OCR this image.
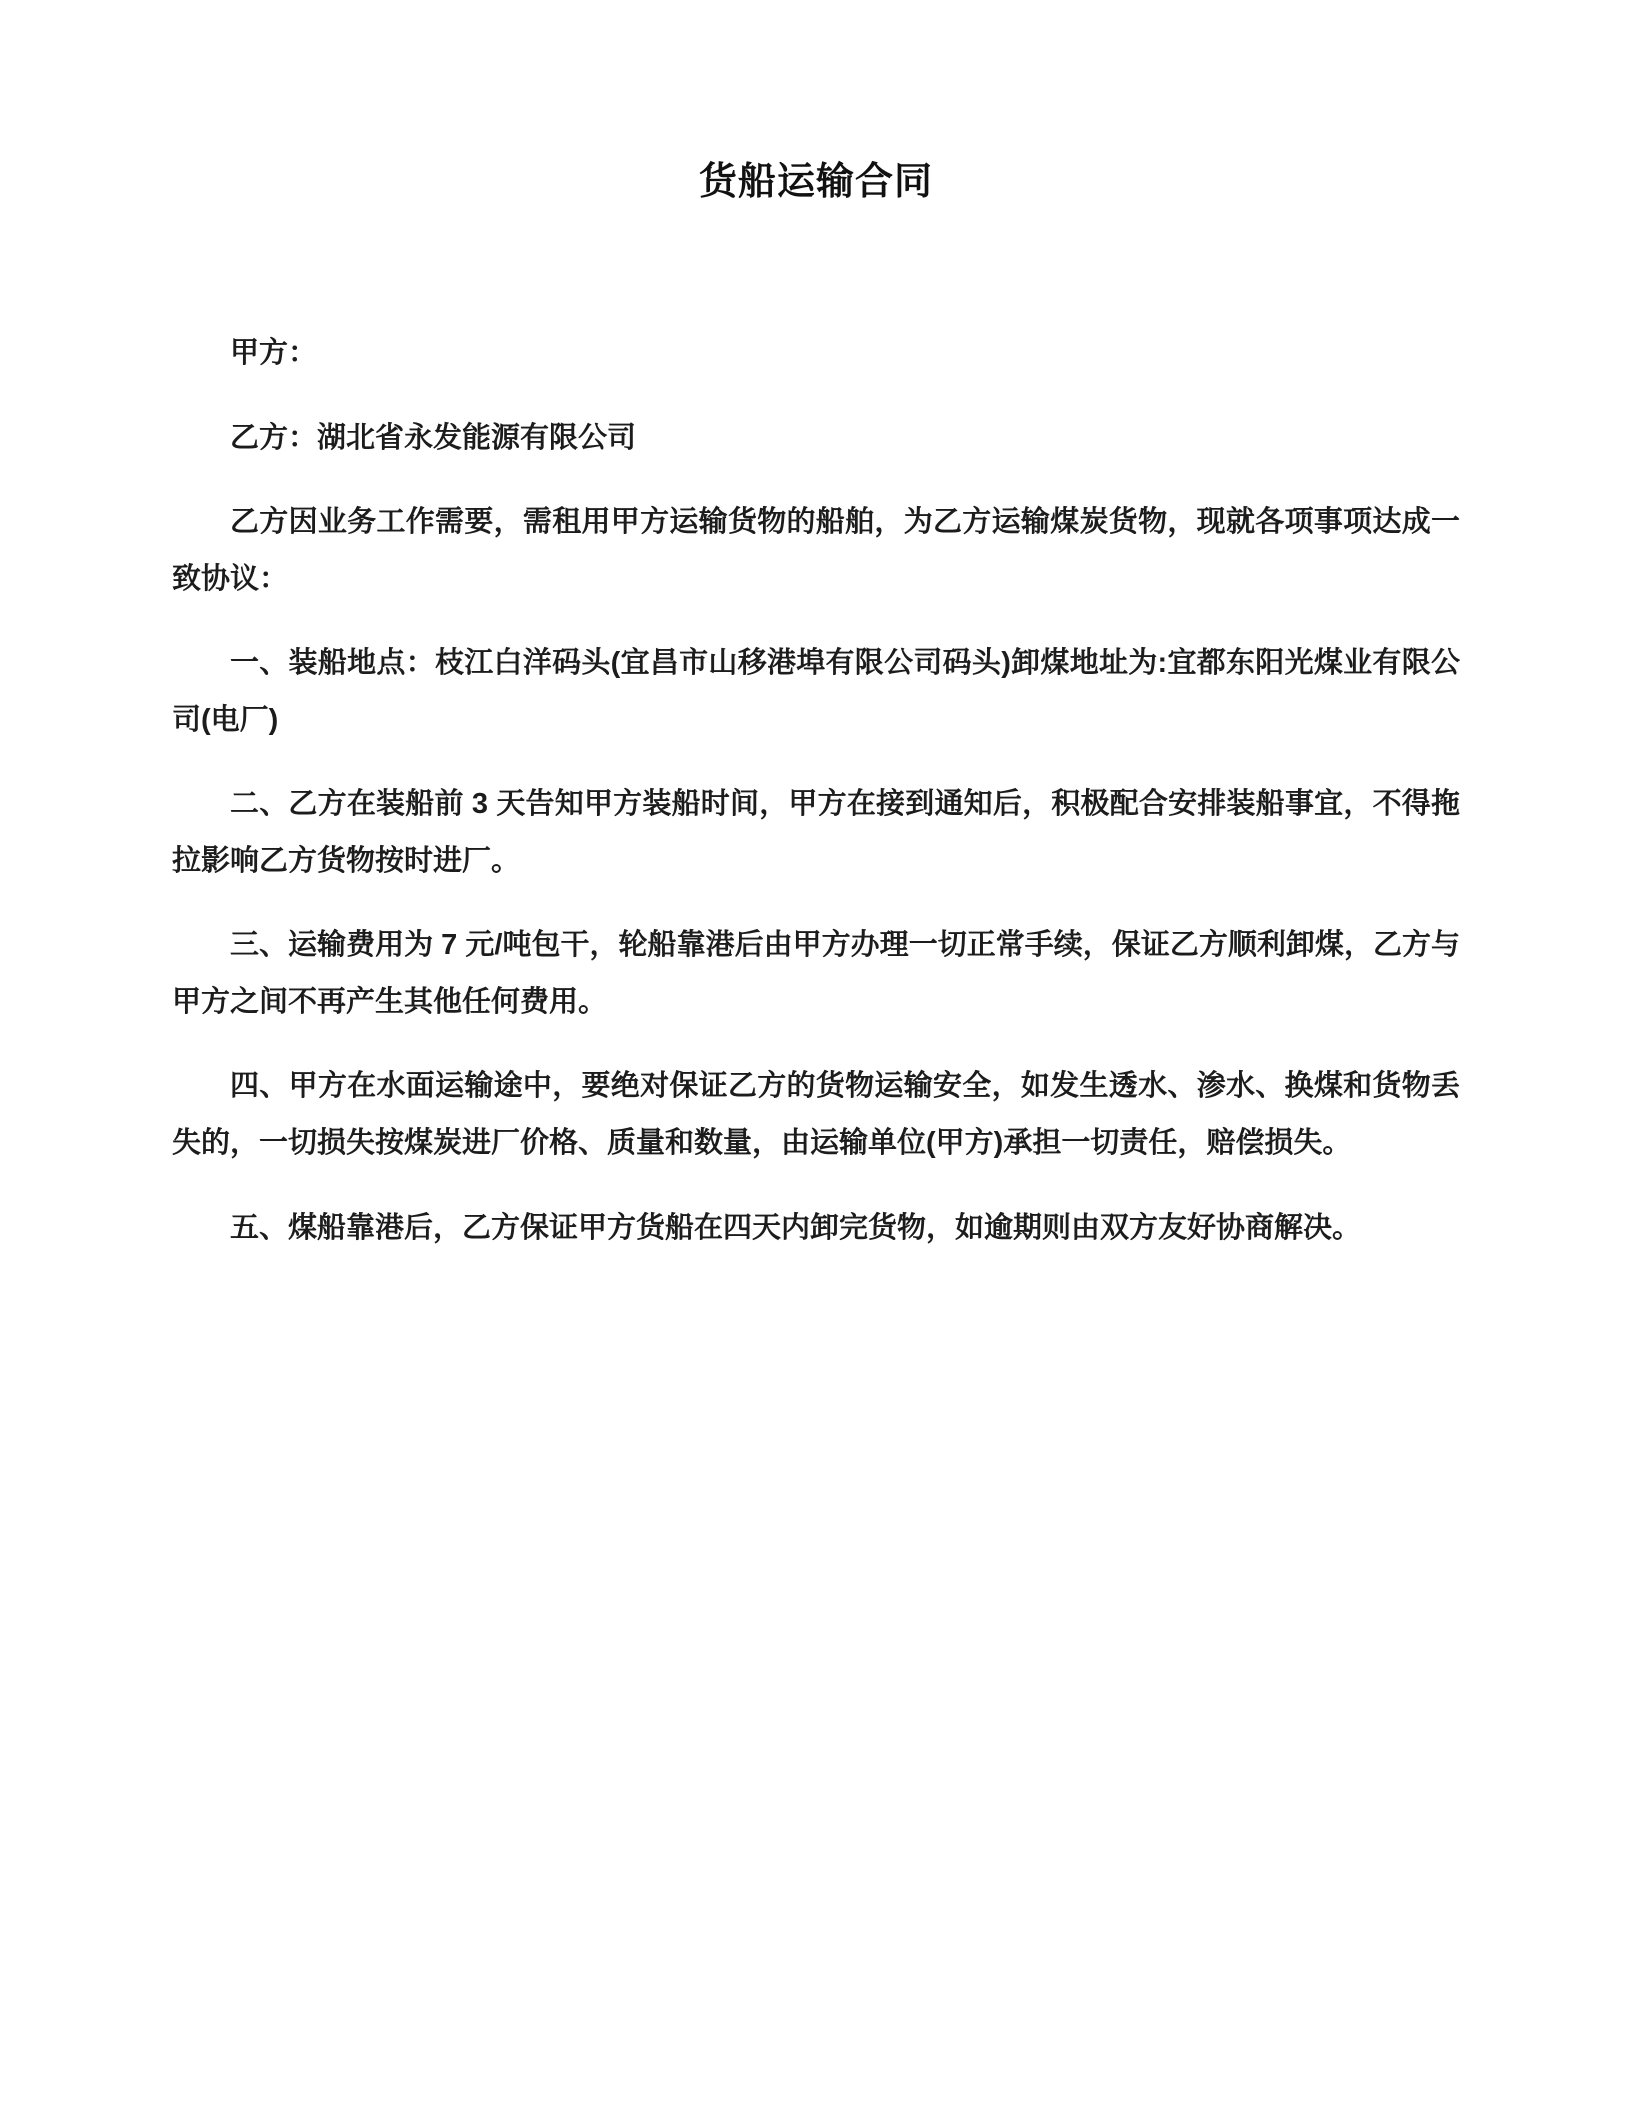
货船运输合同

甲方：

乙方：湖北省永发能源有限公司

乙方因业务工作需要，需租用甲方运输货物的船舶，为乙方运输煤炭货物，现就各项事项达成一致协议：

一、装船地点：枝江白洋码头(宜昌市山移港埠有限公司码头)卸煤地址为:宜都东阳光煤业有限公司(电厂)

二、乙方在装船前 3 天告知甲方装船时间，甲方在接到通知后，积极配合安排装船事宜，不得拖拉影响乙方货物按时进厂。

三、运输费用为 7 元/吨包干，轮船靠港后由甲方办理一切正常手续，保证乙方顺利卸煤，乙方与甲方之间不再产生其他任何费用。

四、甲方在水面运输途中，要绝对保证乙方的货物运输安全，如发生透水、渗水、换煤和货物丢失的，一切损失按煤炭进厂价格、质量和数量，由运输单位(甲方)承担一切责任，赔偿损失。

五、煤船靠港后，乙方保证甲方货船在四天内卸完货物，如逾期则由双方友好协商解决。
